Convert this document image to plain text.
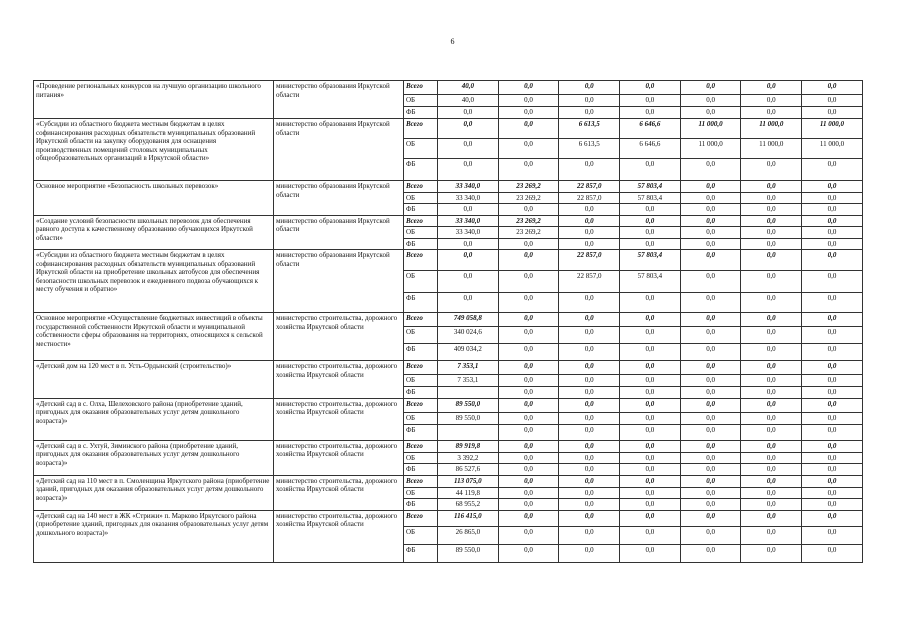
6
«Проведение региональных конкурсов на лучшую организацию школьного питания»	министерство образования Иркутской области	Всего	40,0	0,0	0,0	0,0	0,0	0,0	0,0
		ОБ	40,0	0,0	0,0	0,0	0,0	0,0	0,0
		ФБ	0,0	0,0	0,0	0,0	0,0	0,0	0,0
«Субсидии из областного бюджета местным бюджетам в целях софинансирования расходных обязательств муниципальных образований Иркутской области на закупку оборудования для оснащения производственных помещений столовых муниципальных общеобразовательных организаций в Иркутской области»	министерство образования Иркутской области	Всего	0,0	0,0	6 613,5	6 646,6	11 000,0	11 000,0	11 000,0
		ОБ	0,0	0,0	6 613,5	6 646,6	11 000,0	11 000,0	11 000,0
		ФБ	0,0	0,0	0,0	0,0	0,0	0,0	0,0
Основное мероприятие «Безопасность школьных перевозок»	министерство образования Иркутской области	Всего	33 340,0	23 269,2	22 857,0	57 803,4	0,0	0,0	0,0
		ОБ	33 340,0	23 269,2	22 857,0	57 803,4	0,0	0,0	0,0
		ФБ	0,0	0,0	0,0	0,0	0,0	0,0	0,0
«Создание условий безопасности школьных перевозок для обеспечения равного доступа к качественному образованию обучающихся Иркутской области»	министерство образования Иркутской области	Всего	33 340,0	23 269,2	0,0	0,0	0,0	0,0	0,0
		ОБ	33 340,0	23 269,2	0,0	0,0	0,0	0,0	0,0
		ФБ	0,0	0,0	0,0	0,0	0,0	0,0	0,0
«Субсидии из областного бюджета местным бюджетам в целях софинансирования расходных обязательств муниципальных образований Иркутской области на приобретение школьных автобусов для обеспечения безопасности школьных перевозок и ежедневного подвоза обучающихся к месту обучения и обратно»	министерство образования Иркутской области	Всего	0,0	0,0	22 857,0	57 803,4	0,0	0,0	0,0
		ОБ	0,0	0,0	22 857,0	57 803,4	0,0	0,0	0,0
		ФБ	0,0	0,0	0,0	0,0	0,0	0,0	0,0
Основное мероприятие «Осуществление бюджетных инвестиций в объекты государственной собственности Иркутской области и муниципальной собственности сферы образования на территориях, относящихся к сельской местности»	министерство строительства, дорожного хозяйства Иркутской области	Всего	749 058,8	0,0	0,0	0,0	0,0	0,0	0,0
		ОБ	340 024,6	0,0	0,0	0,0	0,0	0,0	0,0
		ФБ	409 034,2	0,0	0,0	0,0	0,0	0,0	0,0
«Детский дом на 120 мест в п. Усть-Ордынский (строительство)»	министерство строительства, дорожного хозяйства Иркутской области	Всего	7 353,1	0,0	0,0	0,0	0,0	0,0	0,0
		ОБ	7 353,1	0,0	0,0	0,0	0,0	0,0	0,0
		ФБ		0,0	0,0	0,0	0,0	0,0	0,0
«Детский сад в с. Олха, Шелеховского района (приобретение зданий, пригодных для оказания образовательных услуг детям дошкольного возраста)»	министерство строительства, дорожного хозяйства Иркутской области	Всего	89 550,0	0,0	0,0	0,0	0,0	0,0	0,0
		ОБ	89 550,0	0,0	0,0	0,0	0,0	0,0	0,0
		ФБ		0,0	0,0	0,0	0,0	0,0	0,0
«Детский сад в с. Ухтуй, Зиминского района (приобретение зданий, пригодных для оказания образовательных услуг детям дошкольного возраста)»	министерство строительства, дорожного хозяйства Иркутской области	Всего	89 919,8	0,0	0,0	0,0	0,0	0,0	0,0
		ОБ	3 392,2	0,0	0,0	0,0	0,0	0,0	0,0
		ФБ	86 527,6	0,0	0,0	0,0	0,0	0,0	0,0
«Детский сад на 110 мест в п. Смоленщина Иркутского района (приобретение зданий, пригодных для оказания образовательных услуг детям дошкольного возраста)»	министерство строительства, дорожного хозяйства Иркутской области	Всего	113 075,0	0,0	0,0	0,0	0,0	0,0	0,0
		ОБ	44 119,8	0,0	0,0	0,0	0,0	0,0	0,0
		ФБ	68 955,2	0,0	0,0	0,0	0,0	0,0	0,0
«Детский сад на 140 мест в ЖК «Стрижи» п. Марково Иркутского района (приобретение зданий, пригодных для оказания образовательных услуг детям дошкольного возраста)»	министерство строительства, дорожного хозяйства Иркутской области	Всего	116 415,0	0,0	0,0	0,0	0,0	0,0	0,0
		ОБ	26 865,0	0,0	0,0	0,0	0,0	0,0	0,0
		ФБ	89 550,0	0,0	0,0	0,0	0,0	0,0	0,0
